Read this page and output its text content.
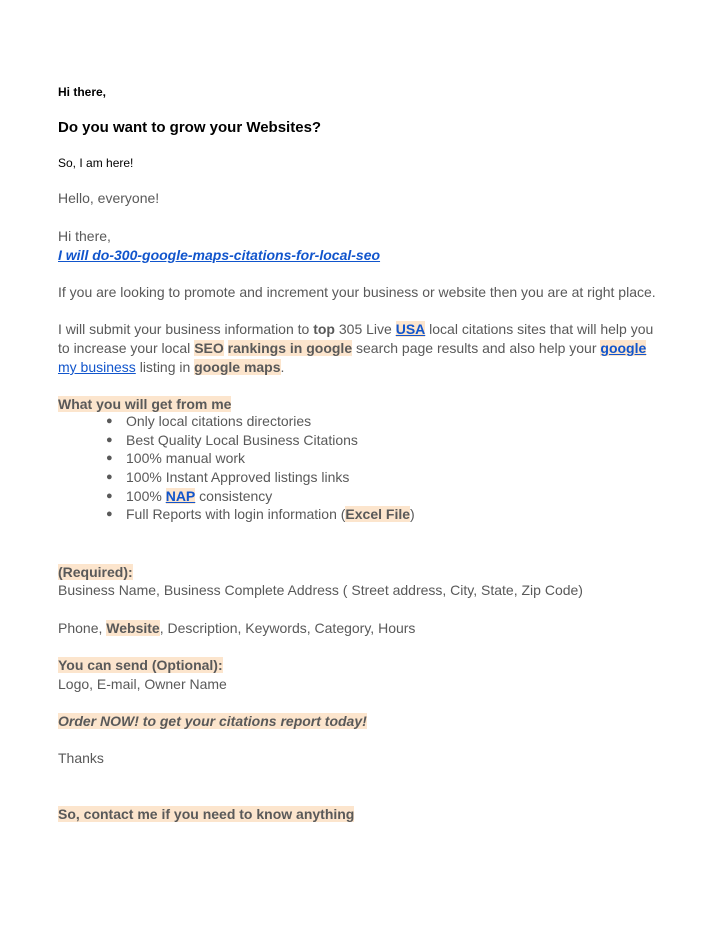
Hi there,
Do you want to grow your Websites?
So, I am here!
Hello, everyone!
Hi there,
I will do-300-google-maps-citations-for-local-seo
If you are looking to promote and increment your business or website then you are at right place.
I will submit your business information to top 305 Live USA local citations sites that will help you
to increase your local SEO rankings in google search page results and also help your google
my business listing in google maps.
What you will get from me
● Only local citations directories
● Best Quality Local Business Citations
● 100% manual work
● 100% Instant Approved listings links
● 100% NAP consistency
● Full Reports with login information (Excel File)
(Required):
Business Name, Business Complete Address ( Street address, City, State, Zip Code)
Phone, Website, Description, Keywords, Category, Hours
You can send (Optional):
Logo, E-mail, Owner Name
Order NOW! to get your citations report today!
Thanks
So, contact me if you need to know anything
